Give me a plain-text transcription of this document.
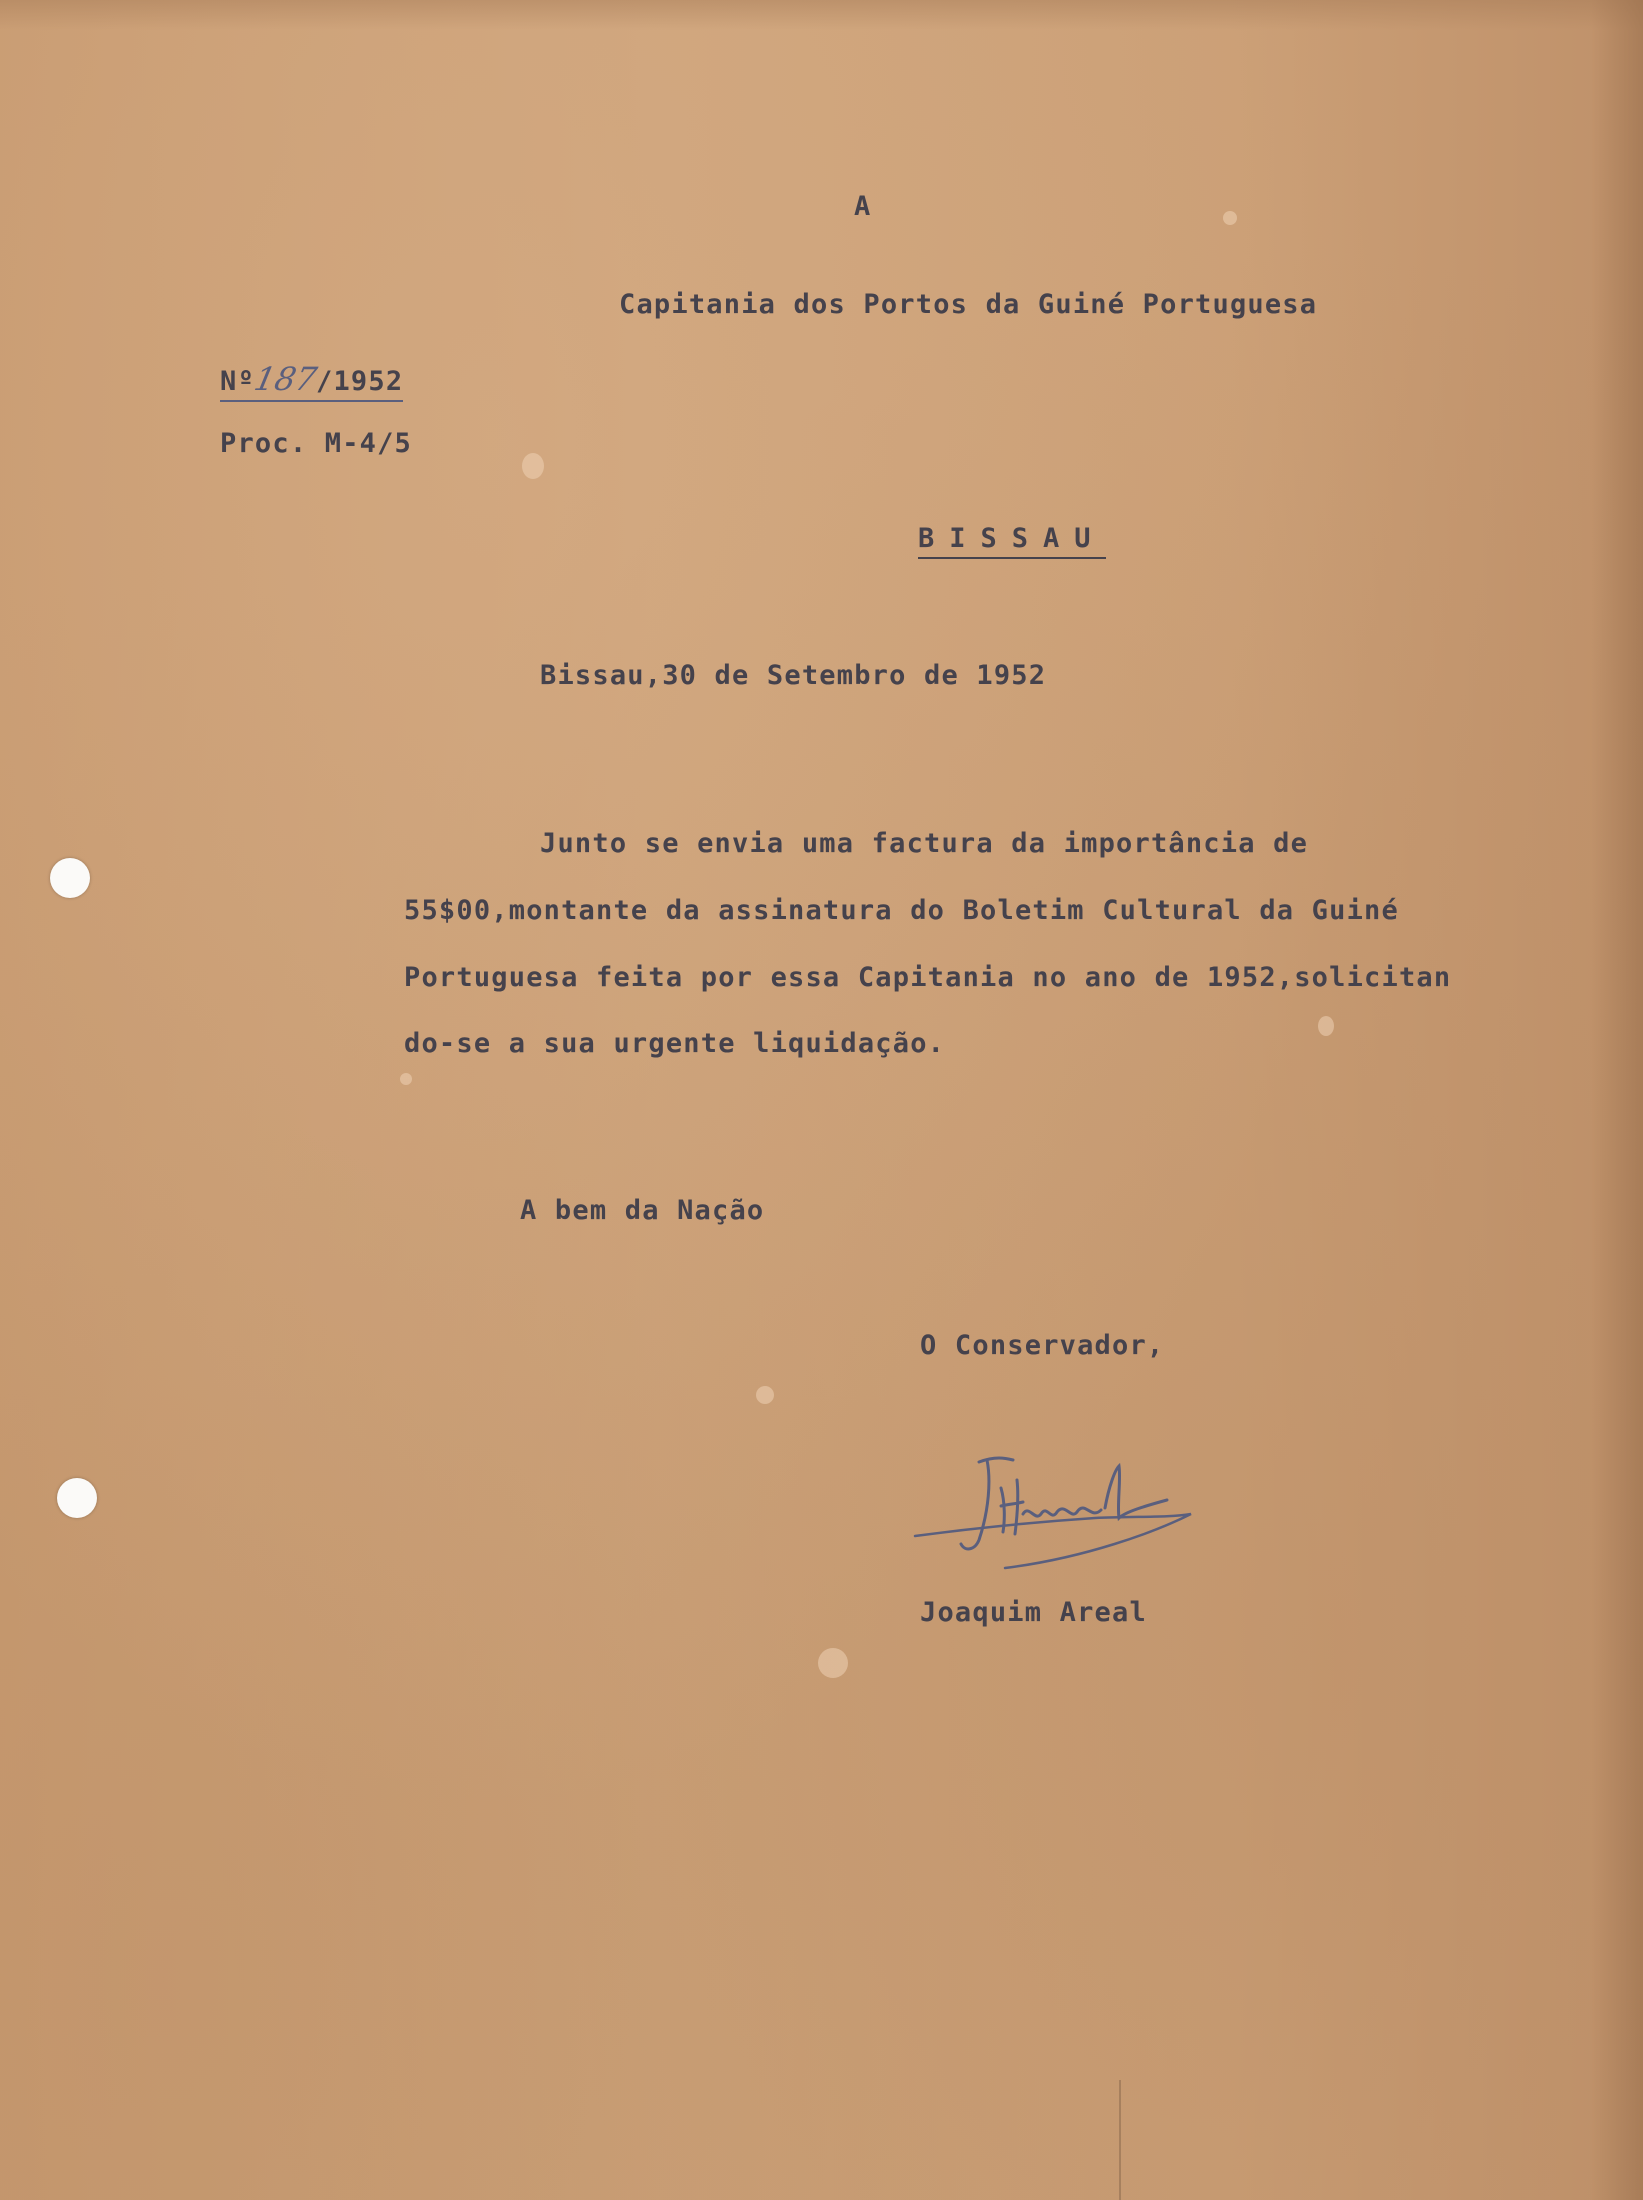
A
Capitania dos Portos da Guiné Portuguesa
Nº187/1952
Proc. M-4/5
BISSAU
Bissau,30 de Setembro de 1952
Junto se envia uma factura da importância de
55$00,montante da assinatura do Boletim Cultural da Guiné
Portuguesa feita por essa Capitania no ano de 1952,solicitan
do-se a sua urgente liquidação.
A bem da Nação
O Conservador,
Joaquim Areal
